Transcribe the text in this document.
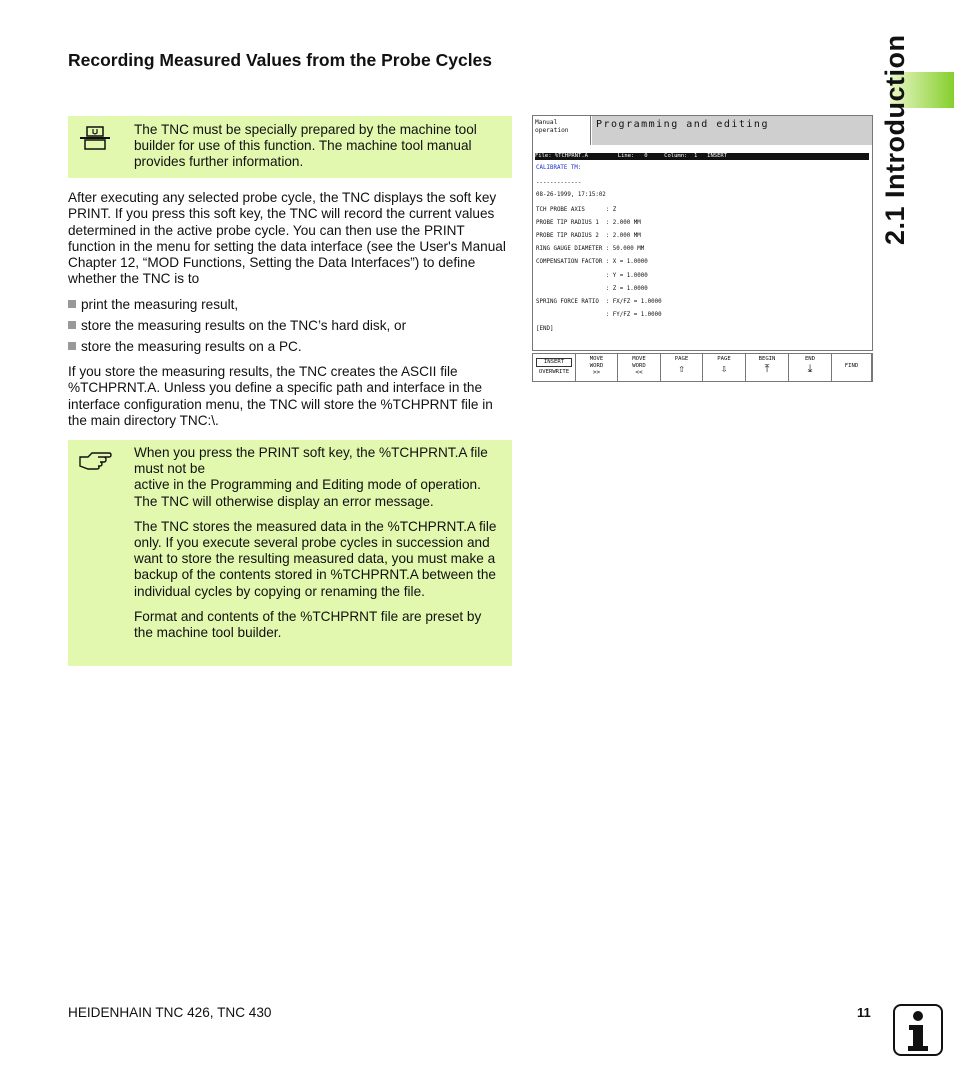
Recording Measured Values from the Probe Cycles
The TNC must be specially prepared by the machine tool builder for use of this function. The machine tool manual provides further information.
After executing any selected probe cycle, the TNC displays the soft key PRINT. If you press this soft key, the TNC will record the current values determined in the active probe cycle. You can then use the PRINT function in the menu for setting the data interface (see the User's Manual Chapter 12, “MOD Functions, Setting the Data Interfaces”) to define whether the TNC is to
print the measuring result,
store the measuring results on the TNC’s hard disk, or
store the measuring results on a PC.
If you store the measuring results, the TNC creates the ASCII file %TCHPRNT.A. Unless you define a specific path and interface in the interface configuration menu, the TNC will store the %TCHPRNT file in the main directory TNC:\.

When you press the PRINT soft key, the %TCHPRNT.A file must not be

active in the Programming and Editing mode of operation. The TNC will otherwise display an error message.

The TNC stores the measured data in the %TCHPRNT.A file only. If you execute several probe cycles in succession and want to store the resulting measured data, you must make a backup of the contents stored in %TCHPRNT.A between the individual cycles by copying or renaming the file.

Format and contents of the %TCHPRNT file are preset by the machine tool builder.

Manual
operation
Programming and editing
File: %TCHPRNT.A         Line:   0     Column:  1   INSERT
CALIBRATE TM:
-------------
08-26-1999, 17:15:02
TCH PROBE AXIS      : Z
PROBE TIP RADIUS 1  : 2.000 MM
PROBE TIP RADIUS 2  : 2.000 MM
RING GAUGE DIAMETER : 50.000 MM
COMPENSATION FACTOR : X = 1.0000
: Y = 1.0000
: Z = 1.0000
SPRING FORCE RATIO  : FX/FZ = 1.0000
: FY/FZ = 1.0000
[END]
INSERT
OVERWRITE
MOVE
WORD
>>
MOVE
WORD
<<
PAGE
⇧
PAGE
⇩
BEGIN
⤒
END
⤓	FIND
2.1 Introduction
HEIDENHAIN TNC 426, TNC 430	11
